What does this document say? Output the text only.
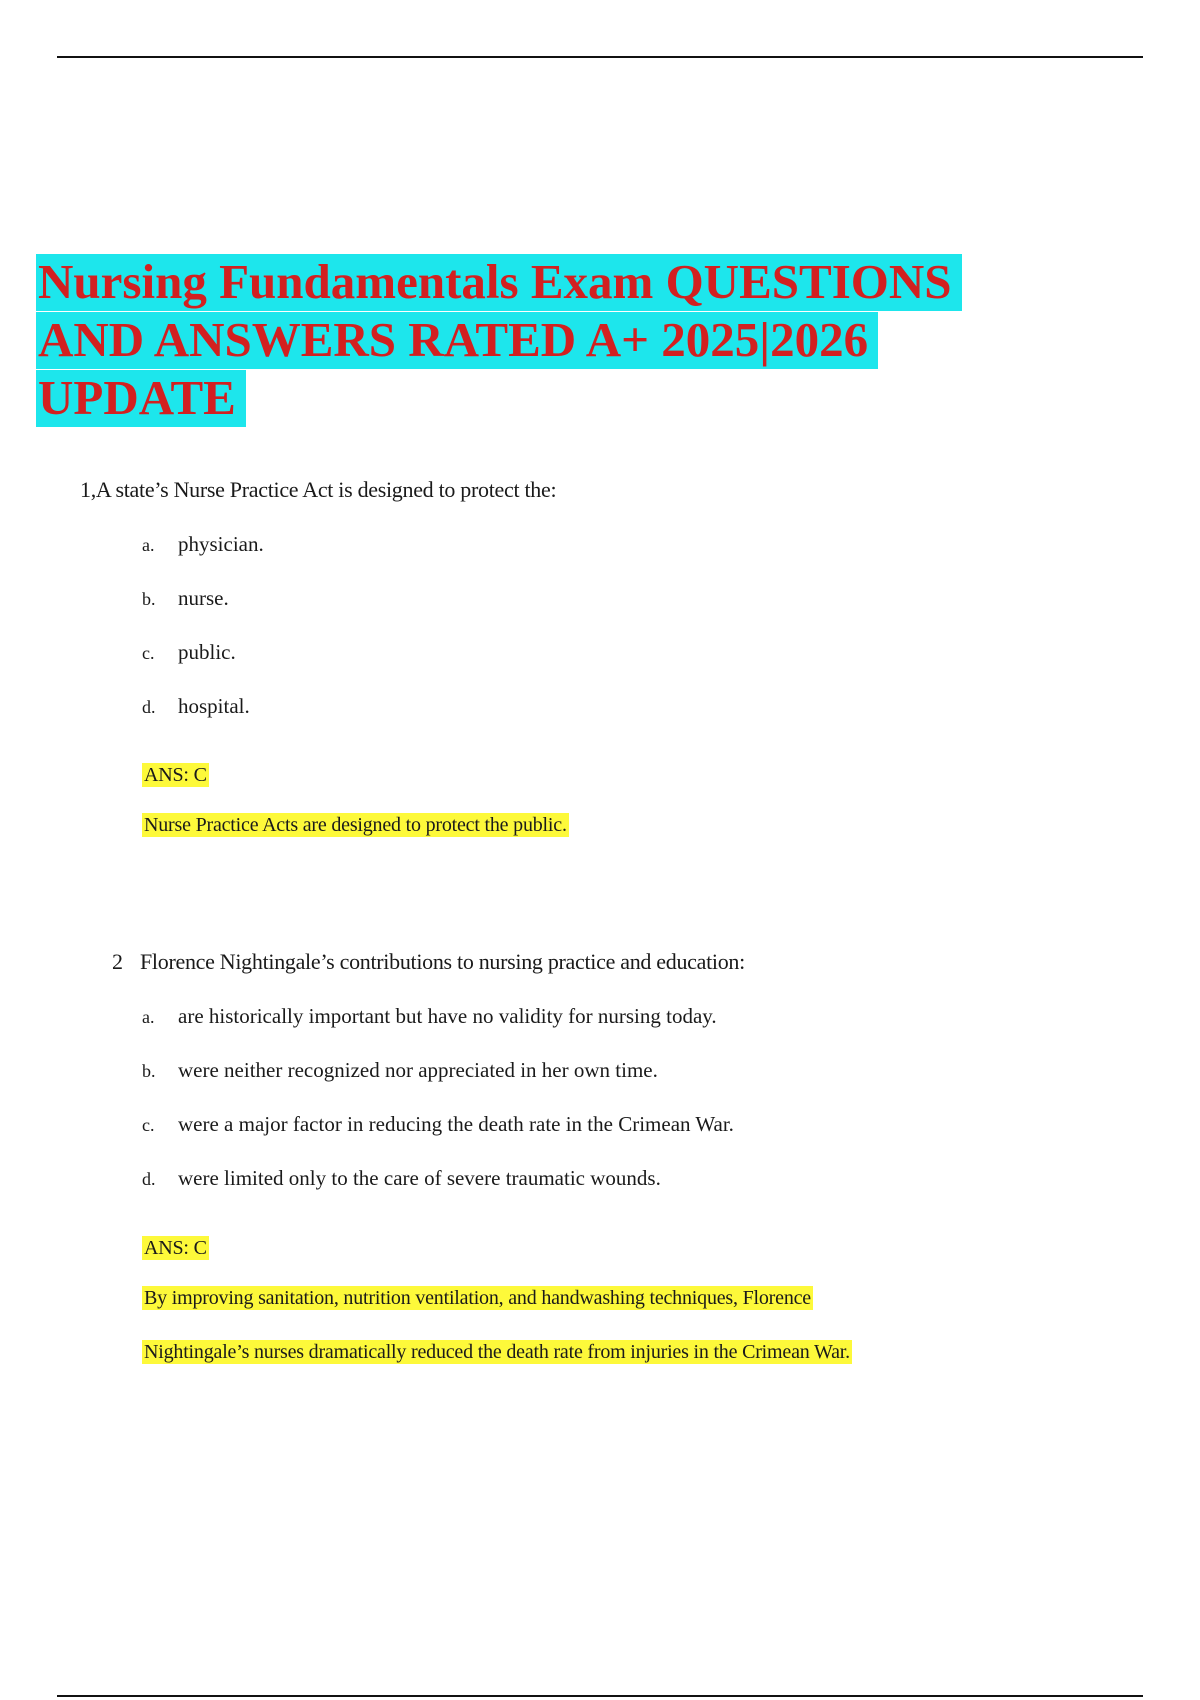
Nursing Fundamentals Exam QUESTIONS
AND ANSWERS RATED A+ 2025|2026
UPDATE
1,A state’s Nurse Practice Act is designed to protect the:
a. physician.
b. nurse.
c. public.
d. hospital.
ANS: C
Nurse Practice Acts are designed to protect the public.
2 Florence Nightingale’s contributions to nursing practice and education:
a. are historically important but have no validity for nursing today.
b. were neither recognized nor appreciated in her own time.
c. were a major factor in reducing the death rate in the Crimean War.
d. were limited only to the care of severe traumatic wounds.
ANS: C
By improving sanitation, nutrition ventilation, and handwashing techniques, Florence
Nightingale’s nurses dramatically reduced the death rate from injuries in the Crimean War.
